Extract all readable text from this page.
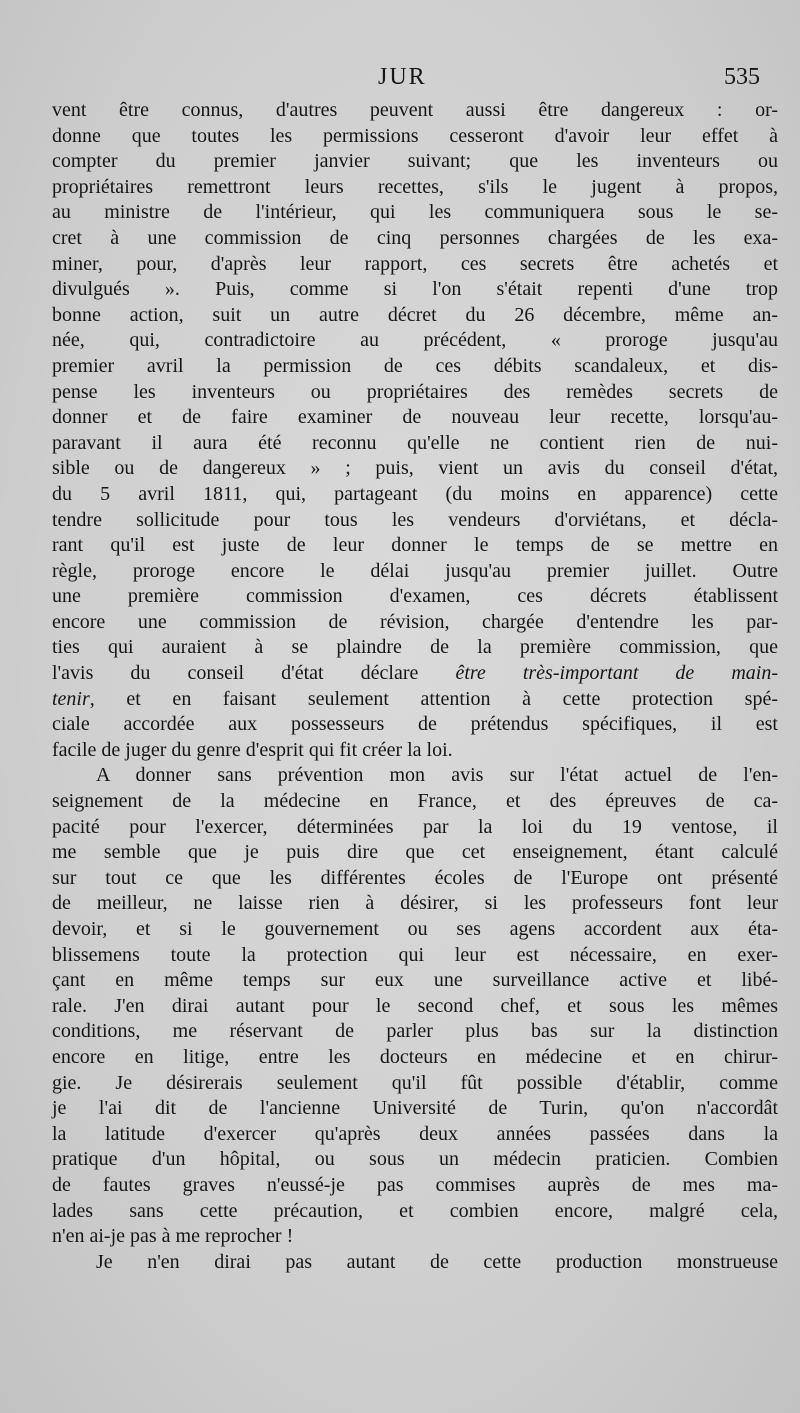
JUR	535
vent être connus, d'autres peuvent aussi être dangereux : or-
donne que toutes les permissions cesseront d'avoir leur effet à
compter du premier janvier suivant; que les inventeurs ou
propriétaires remettront leurs recettes, s'ils le jugent à propos,
au ministre de l'intérieur, qui les communiquera sous le se-
cret à une commission de cinq personnes chargées de les exa-
miner, pour, d'après leur rapport, ces secrets être achetés et
divulgués ». Puis, comme si l'on s'était repenti d'une trop
bonne action, suit un autre décret du 26 décembre, même an-
née, qui, contradictoire au précédent, « proroge jusqu'au
premier avril la permission de ces débits scandaleux, et dis-
pense les inventeurs ou propriétaires des remèdes secrets de
donner et de faire examiner de nouveau leur recette, lorsqu'au-
paravant il aura été reconnu qu'elle ne contient rien de nui-
sible ou de dangereux » ; puis, vient un avis du conseil d'état,
du 5 avril 1811, qui, partageant (du moins en apparence) cette
tendre sollicitude pour tous les vendeurs d'orviétans, et décla-
rant qu'il est juste de leur donner le temps de se mettre en
règle, proroge encore le délai jusqu'au premier juillet. Outre
une première commission d'examen, ces décrets établissent
encore une commission de révision, chargée d'entendre les par-
ties qui auraient à se plaindre de la première commission, que
l'avis du conseil d'état déclare être très-important de main-
tenir, et en faisant seulement attention à cette protection spé-
ciale accordée aux possesseurs de prétendus spécifiques, il est
facile de juger du genre d'esprit qui fit créer la loi.
A donner sans prévention mon avis sur l'état actuel de l'en-
seignement de la médecine en France, et des épreuves de ca-
pacité pour l'exercer, déterminées par la loi du 19 ventose, il
me semble que je puis dire que cet enseignement, étant calculé
sur tout ce que les différentes écoles de l'Europe ont présenté
de meilleur, ne laisse rien à désirer, si les professeurs font leur
devoir, et si le gouvernement ou ses agens accordent aux éta-
blissemens toute la protection qui leur est nécessaire, en exer-
çant en même temps sur eux une surveillance active et libé-
rale. J'en dirai autant pour le second chef, et sous les mêmes
conditions, me réservant de parler plus bas sur la distinction
encore en litige, entre les docteurs en médecine et en chirur-
gie. Je désirerais seulement qu'il fût possible d'établir, comme
je l'ai dit de l'ancienne Université de Turin, qu'on n'accordât
la latitude d'exercer qu'après deux années passées dans la
pratique d'un hôpital, ou sous un médecin praticien. Combien
de fautes graves n'eussé-je pas commises auprès de mes ma-
lades sans cette précaution, et combien encore, malgré cela,
n'en ai-je pas à me reprocher !
Je n'en dirai pas autant de cette production monstrueuse
